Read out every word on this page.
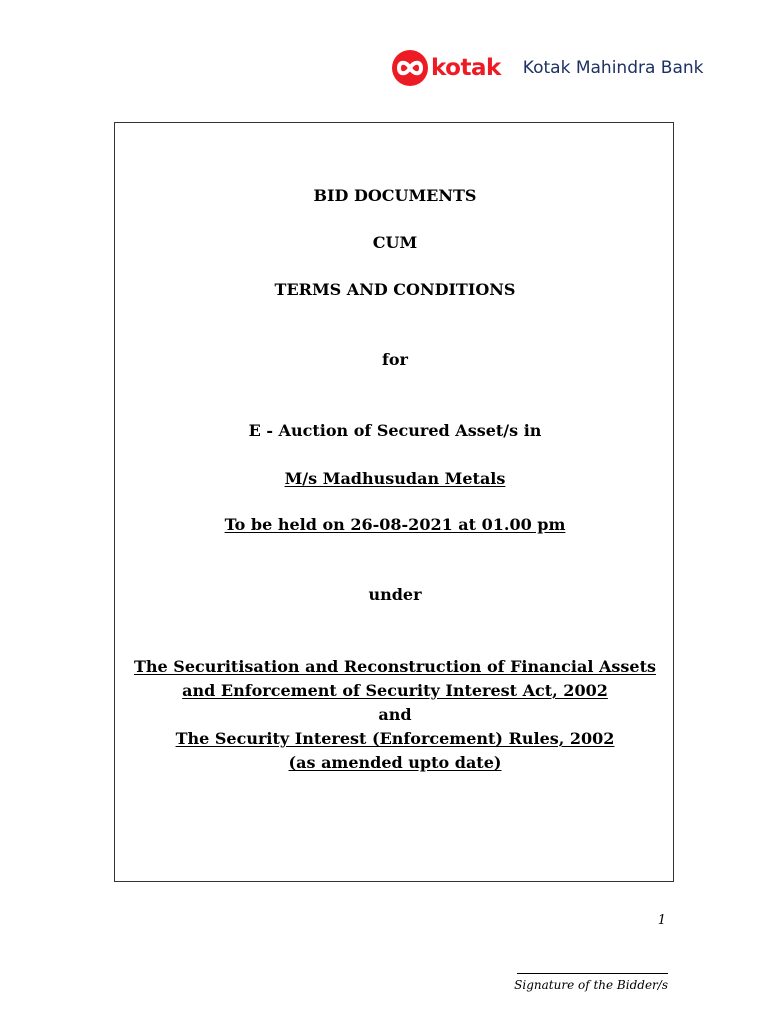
kotak Kotak Mahindra Bank
BID DOCUMENTS
CUM
TERMS AND CONDITIONS
for
E - Auction of Secured Asset/s in
M/s Madhusudan Metals
To be held on 26-08-2021 at 01.00 pm
under
The Securitisation and Reconstruction of Financial Assets
and Enforcement of Security Interest Act, 2002
and
The Security Interest (Enforcement) Rules, 2002
(as amended upto date)
1
Signature of the Bidder/s
